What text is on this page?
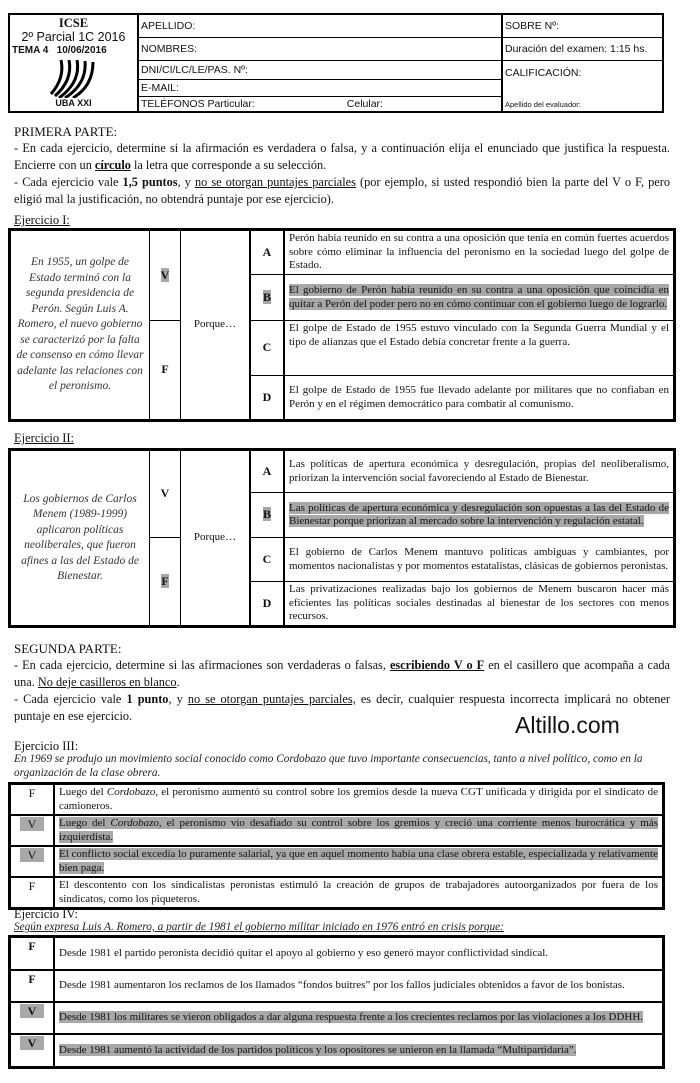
ICSE
2º Parcial 1C 2016
TEMA 4   10/06/2016
UBA XXI
APELLIDO:
NOMBRES:
DNI/CI/LC/LE/PAS. Nº:
E-MAIL:
TELÉFONOS Particular:	Celular:
SOBRE Nº:
Duración del examen: 1:15 hs.
CALIFICACIÓN:
Apellido del evaluador:
PRIMERA PARTE:
- En cada ejercicio, determine si la afirmación es verdadera o falsa, y a continuación elija el enunciado que justifica la respuesta. Encierre con un círculo la letra que corresponde a su selección.
- Cada ejercicio vale 1,5 puntos, y no se otorgan puntajes parciales (por ejemplo, si usted respondió bien la parte del V o F, pero eligió mal la justificación, no obtendrá puntaje por ese ejercicio).
Ejercicio I:
En 1955, un golpe de Estado terminó con la segunda presidencia de Perón. Según Luis A. Romero, el nuevo gobierno se caracterizó por la falta de consenso en cómo llevar adelante las relaciones con el peronismo.	V	Porque…	A	Perón había reunido en su contra a una oposición que tenía en común fuertes acuerdos sobre cómo eliminar la influencia del peronismo en la sociedad luego del golpe de Estado.
			B	El gobierno de Perón había reunido en su contra a una oposición que coincidía en quitar a Perón del poder pero no en cómo continuar con el gobierno luego de lograrlo.
	F		C	El golpe de Estado de 1955 estuvo vinculado con la Segunda Guerra Mundial y el tipo de alianzas que el Estado debía concretar frente a la guerra.
			D	El golpe de Estado de 1955 fue llevado adelante por militares que no confiaban en Perón y en el régimen democrático para combatir al comunismo.
Ejercicio II:
Los gobiernos de Carlos Menem (1989-1999) aplicaron políticas neoliberales, que fueron afines a las del Estado de Bienestar.	V	Porque…	A	Las políticas de apertura económica y desregulación, propias del neoliberalismo, priorizan la intervención social favoreciendo al Estado de Bienestar.
			B	Las políticas de apertura económica y desregulación son opuestas a las del Estado de Bienestar porque priorizan al mercado sobre la intervención y regulación estatal.
	F		C	El gobierno de Carlos Menem mantuvo políticas ambiguas y cambiantes, por momentos nacionalistas y por momentos estatalistas, clásicas de gobiernos peronistas.
			D	Las privatizaciones realizadas bajo los gobiernos de Menem buscaron hacer más eficientes las políticas sociales destinadas al bienestar de los sectores con menos recursos.
SEGUNDA PARTE:
- En cada ejercicio, determine si las afirmaciones son verdaderas o falsas, escribiendo V o F en el casillero que acompaña a cada una. No deje casilleros en blanco.
- Cada ejercicio vale 1 punto, y no se otorgan puntajes parciales, es decir, cualquier respuesta incorrecta implicará no obtener puntaje en ese ejercicio.	Altillo.com
Ejercicio III:
En 1969 se produjo un movimiento social conocido como Cordobazo que tuvo importante consecuencias, tanto a nivel político, como en la organización de la clase obrera.
F	Luego del Cordobazo, el peronismo aumentó su control sobre los gremios desde la nueva CGT unificada y dirigida por el sindicato de camioneros.
V	Luego del Cordobazo, el peronismo vio desafiado su control sobre los gremios y creció una corriente menos burocrática y más izquierdista.
V	El conflicto social excedía lo puramente salarial, ya que en aquel momento había una clase obrera estable, especializada y relativamente bien paga.
F	El descontento con los sindicalistas peronistas estimuló la creación de grupos de trabajadores autoorganizados por fuera de los sindicatos, como los piqueteros.
Ejercicio IV:
Según expresa Luis A. Romero, a partir de 1981 el gobierno militar iniciado en 1976 entró en crisis porque:
F	Desde 1981 el partido peronista decidió quitar el apoyo al gobierno y eso generó mayor conflictividad sindical.
F	Desde 1981 aumentaron los reclamos de los llamados “fondos buitres” por los fallos judiciales obtenidos a favor de los bonistas.
V	Desde 1981 los militares se vieron obligados a dar alguna respuesta frente a los crecientes reclamos por las violaciones a los DDHH.
V	Desde 1981 aumentó la actividad de los partidos políticos y los opositores se unieron en la llamada “Multipartidaria”.
